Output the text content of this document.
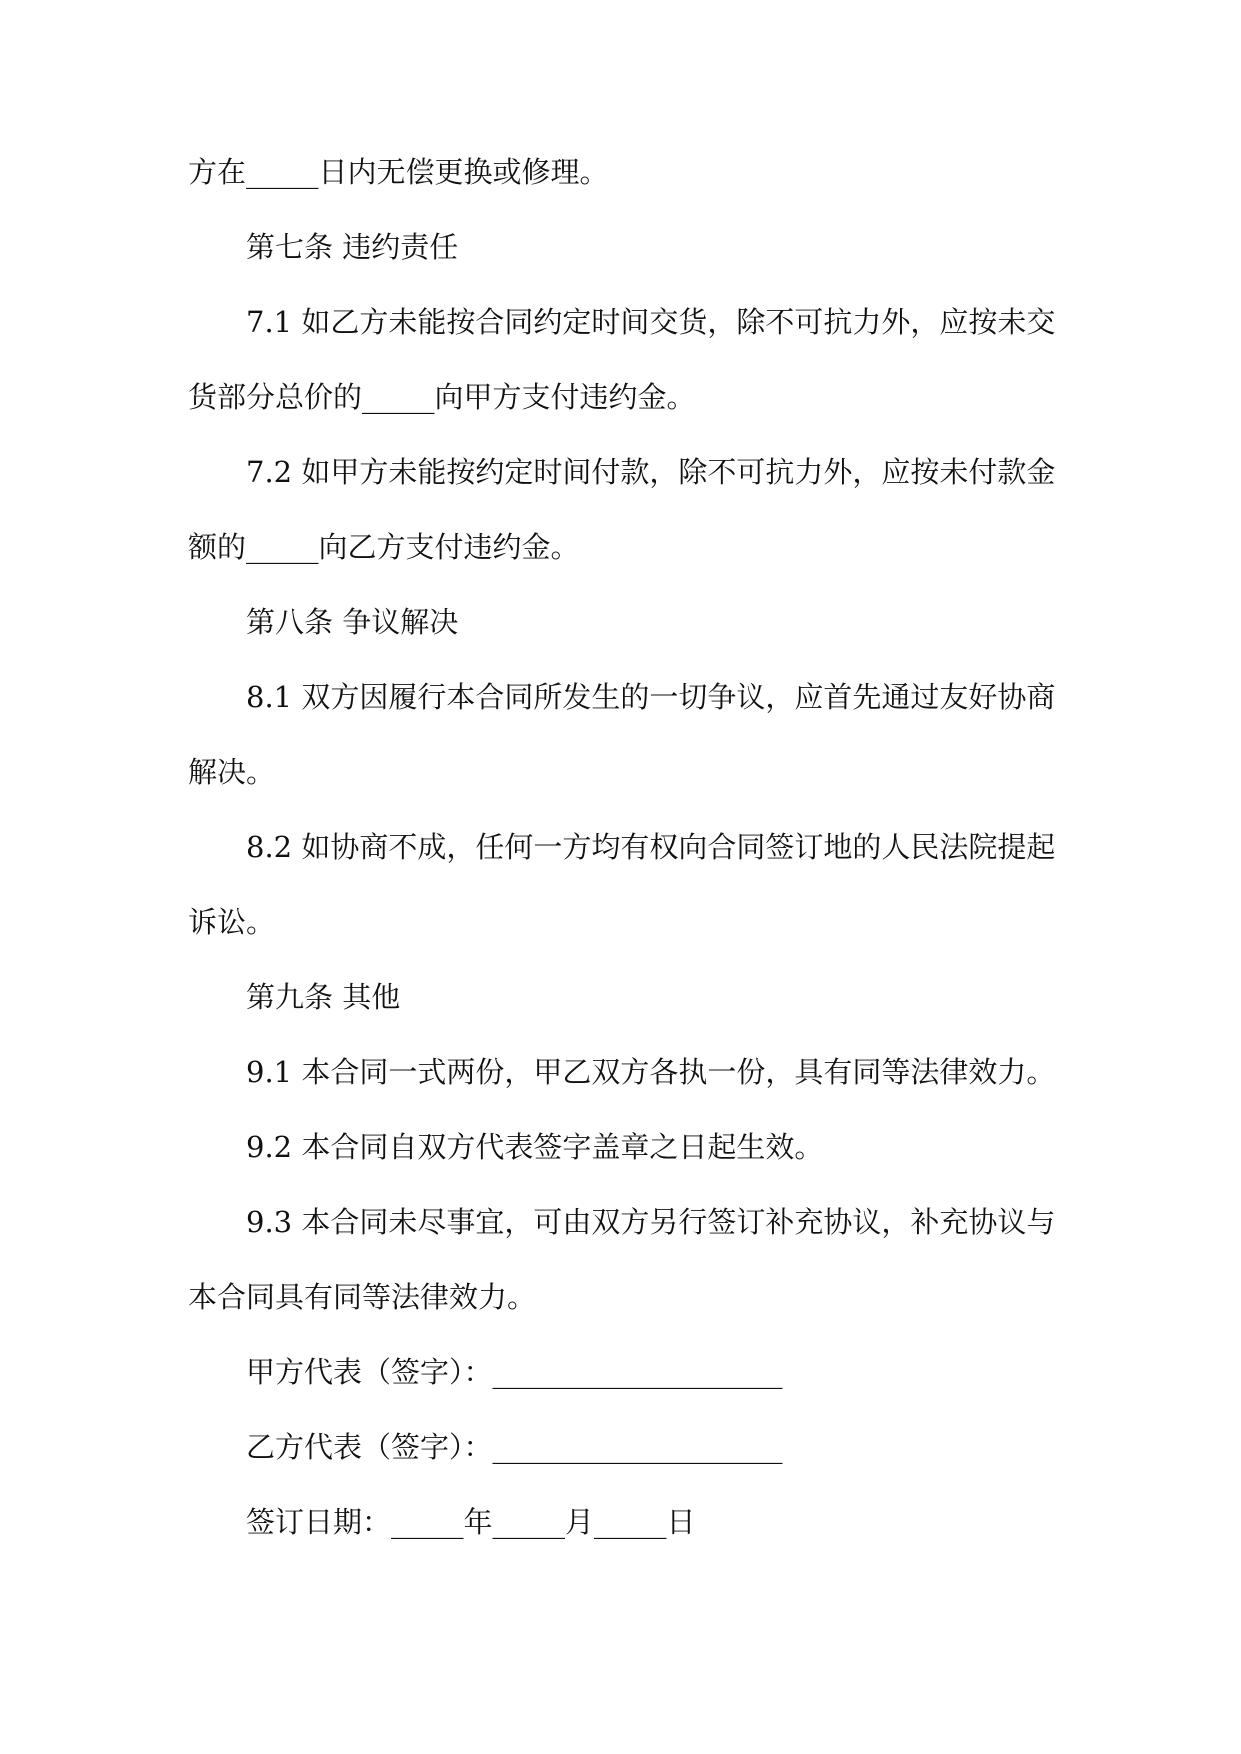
方在_____日内无偿更换或修理。
第七条 违约责任
7.1 如乙方未能按合同约定时间交货，除不可抗力外，应按未交
货部分总价的_____向甲方支付违约金。
7.2 如甲方未能按约定时间付款，除不可抗力外，应按未付款金
额的_____向乙方支付违约金。
第八条 争议解决
8.1 双方因履行本合同所发生的一切争议，应首先通过友好协商
解决。
8.2 如协商不成，任何一方均有权向合同签订地的人民法院提起
诉讼。
第九条 其他
9.1 本合同一式两份，甲乙双方各执一份，具有同等法律效力。
9.2 本合同自双方代表签字盖章之日起生效。
9.3 本合同未尽事宜，可由双方另行签订补充协议，补充协议与
本合同具有同等法律效力。
甲方代表（签字）：____________________
乙方代表（签字）：____________________
签订日期：_____年_____月_____日
